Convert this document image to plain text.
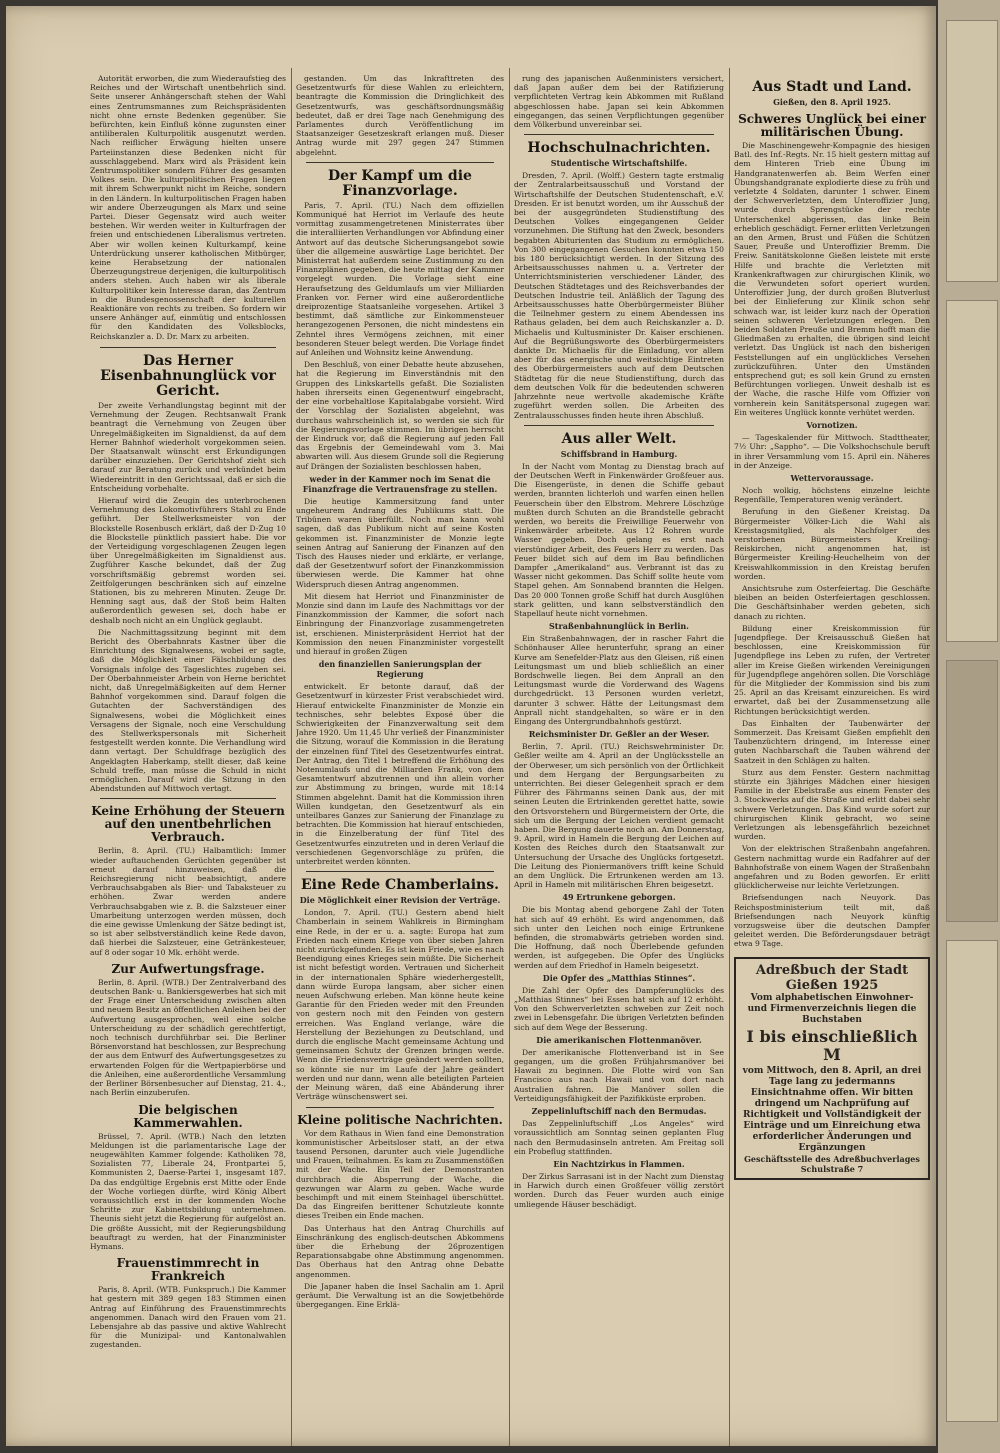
Autorität erworben, die zum Wiederaufstieg des Reiches und der Wirtschaft unentbehrlich sind. Seite unserer Anhängerschaft stehen der Wahl eines Zentrumsmannes zum Reichspräsidenten nicht ohne ernste Bedenken gegenüber. Sie befürchten, kein Einfluß könne zugunsten einer antiliberalen Kulturpolitik ausgenutzt werden. Nach reiflicher Erwägung hielten unsere Parteiinstanzen diese Bedenken nicht für ausschlaggebend. Marx wird als Präsident kein Zentrumspolitiker sondern Führer des gesamten Volkes sein. Die kulturpolitischen Fragen liegen mit ihrem Schwerpunkt nicht im Reiche, sondern in den Ländern. In kulturpolitischen Fragen haben wir andere Überzeugungen als Marx und seine Partei. Dieser Gegensatz wird auch weiter bestehen. Wir werden weiter in Kulturfragen der freien und entschiedenen Liberalismus vertreten. Aber wir wollen keinen Kulturkampf, keine Unterdrückung unserer katholischen Mitbürger, keine Herabsetzung der nationalen Überzeugungstreue derjenigen, die kulturpolitisch anders stehen. Auch haben wir als liberale Kulturpolitiker kein Interesse daran, das Zentrum in die Bundesgenossenschaft der kulturellen Reaktionäre von rechts zu treiben. So fordern wir unsere Anhänger auf, einmütig und entschlossen für den Kandidaten des Volksblocks, Reichskanzler a. D. Dr. Marx zu arbeiten.

Das Herner Eisenbahnunglück vor Gericht.

Der zweite Verhandlungstag beginnt mit der Vernehmung der Zeugen. Rechtsanwalt Frank beantragt die Vernehmung von Zeugen über Unregelmäßigkeiten im Signaldienst, da auf dem Herner Bahnhof wiederholt vorgekommen seien. Der Staatsanwalt wünscht erst Erkundigungen darüber einzuziehen. Der Gerichtshof zieht sich darauf zur Beratung zurück und verkündet beim Wiedereintritt in den Gerichtssaal, daß er sich die Entscheidung vorbehalte.

Hierauf wird die Zeugin des unterbrochenen Vernehmung des Lokomotivführers Stahl zu Ende geführt. Der Stellwerksmeister von der Blockstelle Rosenbusch erklärt, daß der D-Zug 10 die Blockstelle pünktlich passiert habe. Die vor der Verteidigung vorgeschlagenen Zeugen legen über Unregelmäßigkeiten im Signaldienst aus. Zugführer Kasche bekundet, daß der Zug vorschriftsmäßig gebremst worden sei. Zeitfolgerungen beschränken sich auf einzelne Stationen, bis zu mehreren Minuten. Zeuge Dr. Henning sagt aus, daß der Stoß beim Halten außerordentlich gewesen sei, doch habe er deshalb noch nicht an ein Unglück geglaubt.

Die Nachmittagssitzung beginnt mit dem Bericht des Oberbahnrats Kastner über die Einrichtung des Signalwesens, wobei er sagte, daß die Möglichkeit einer Fälschbildung des Vorsignals infolge des Tageslichtes zugeben sei. Der Oberbahnmeister Arbein von Herne berichtet nicht, daß Unregelmäßigkeiten auf dem Herner Bahnhof vorgekommen sind. Darauf folgen die Gutachten der Sachverständigen des Signalwesens, wobei die Möglichkeit eines Versagens der Signale, noch eine Verschuldung des Stellwerkspersonals mit Sicherheit festgestellt werden konnte. Die Verhandlung wird dann vertagt. Der Schuldfrage bezüglich des Angeklagten Haberkamp, stellt dieser, daß keine Schuld treffe, man müsse die Schuld in nicht ermöglichen. Darauf wird die Sitzung in den Abendstunden auf Mittwoch vertagt.

Keine Erhöhung der Steuern auf den unentbehrlichen Verbrauch.

Berlin, 8. April. (TU.) Halbamtlich: Immer wieder auftauchenden Gerüchten gegenüber ist erneut darauf hinzuweisen, daß die Reichsregierung nicht beabsichtigt, andere Verbrauchsabgaben als Bier- und Tabaksteuer zu erhöhen. Zwar werden andere Verbrauchsabgaben wie z. B. die Salzsteuer einer Umarbeitung unterzogen werden müssen, doch die eine gewisse Umlenkung der Sätze bedingt ist, so ist aber selbstverständlich keine Rede davon, daß hierbei die Salzsteuer, eine Getränkesteuer, auf 8 oder sogar 10 Mk. erhöht werde.

Zur Aufwertungsfrage.

Berlin, 8. April. (WTB.) Der Zentralverband des deutschen Bank- u. Bankiersgewerbes hat sich mit der Frage einer Unterscheidung zwischen alten und neuem Besitz an öffentlichen Anleihen bei der Aufwertung ausgesprochen, weil eine solche Unterscheidung zu der schädlich gerechtfertigt, noch technisch durchführbar sei. Die Berliner Börsenvorstand hat beschlossen, zur Besprechung der aus dem Entwurf des Aufwertungsgesetzes zu erwartenden Folgen für die Wertpapierbörse und die Anleihen, eine außerordentliche Versammlung der Berliner Börsenbesucher auf Dienstag, 21. 4., nach Berlin einzuberufen.

Die belgischen Kammerwahlen.

Brüssel, 7. April. (WTB.) Nach den letzten Meldungen ist die parlamentarische Lage der neugewählten Kammer folgende: Katholiken 78, Sozialisten 77, Liberale 24, Frontpartei 5, Kommunisten 2, Daerse-Partei 1, insgesamt 187. Da das endgültige Ergebnis erst Mitte oder Ende der Woche vorliegen dürfte, wird König Albert voraussichtlich erst in der kommenden Woche Schritte zur Kabinettsbildung unternehmen. Theunis sieht jetzt die Regierung für aufgelöst an. Die größte Aussicht, mit der Regierungsbildung beauftragt zu werden, hat der Finanzminister Hymans.

Frauenstimmrecht in Frankreich

Paris, 8. April. (WTB. Funkspruch.) Die Kammer hat gestern mit 389 gegen 183 Stimmen einen Antrag auf Einführung des Frauenstimmrechts angenommen. Danach wird den Frauen vom 21. Lebensjahre ab das passive und aktive Wahlrecht für die Munizipal- und Kantonalwahlen zugestanden.

gestanden. Um das Inkrafttreten des Gesetzentwurfs für diese Wahlen zu erleichtern, beantragte die Kommission die Dringlichkeit des Gesetzentwurfs, was geschäftsordnungsmäßig bedeutet, daß er drei Tage nach Genehmigung des Parlamentes durch Veröffentlichung im Staatsanzeiger Gesetzeskraft erlangen muß. Dieser Antrag wurde mit 297 gegen 247 Stimmen abgelehnt.

Der Kampf um die Finanzvorlage.

Paris, 7. April. (TU.) Nach dem offiziellen Kommuniqué hat Herriot im Verlaufe des heute vormittag zusammengetretenen Ministerrates über die interalliierten Verhandlungen vor Abfindung einer Antwort auf das deutsche Sicherungsangebot sowie über die allgemeine auswärtige Lage berichtet. Der Ministerrat hat außerdem seine Zustimmung zu den Finanzplänen gegeben, die heute mittag der Kammer vorgelegt wurden. Die Vorlage sieht eine Heraufsetzung des Geldumlaufs um vier Milliarden Franken vor. Ferner wird eine außerordentliche dreiprozentige Staatsanleihe vorgesehen. Artikel 3 bestimmt, daß sämtliche zur Einkommensteuer herangezogenen Personen, die nicht mindestens ein Zehntel ihres Vermögens zeichnen, mit einer besonderen Steuer belegt werden. Die Vorlage findet auf Anleihen und Wohnsitz keine Anwendung.

Den Beschluß, von einer Debatte heute abzusehen, hat die Regierung im Einverständnis mit den Gruppen des Linkskartells gefaßt. Die Sozialisten haben ihrerseits einen Gegenentwurf eingebracht, der eine vorbehaltlose Kapitalabgabe vorsieht. Wird der Vorschlag der Sozialisten abgelehnt, was durchaus wahrscheinlich ist, so werden sie sich für die Regierungsvorlage stimmen. Im übrigen herrscht der Eindruck vor, daß die Regierung auf jeden Fall das Ergebnis der Gemeindewahl vom 3. Mai abwarten will. Aus diesem Grunde soll die Regierung auf Drängen der Sozialisten beschlossen haben,

weder in der Kammer noch im Senat die Finanzfrage die Vertrauensfrage zu stellen.

Die heutige Kammersitzung fand unter ungeheurem Andrang des Publikums statt. Die Tribünen waren überfüllt. Noch man kann wohl sagen, daß das Publikum nicht auf seine Kosten gekommen ist. Finanzminister de Monzie legte seinen Antrag auf Sanierung der Finanzen auf den Tisch des Hauses nieder und erklärte, er verlange, daß der Gesetzentwurf sofort der Finanzkommission überwiesen werde. Die Kammer hat ohne Widerspruch diesen Antrag angenommen.

Mit diesem hat Herriot und Finanzminister de Monzie sind dann im Laufe des Nachmittags vor der Finanzkommission der Kammer, die sofort nach Einbringung der Finanzvorlage zusammengetreten ist, erschienen. Ministerpräsident Herriot hat der Kommission den neuen Finanzminister vorgestellt und hierauf in großen Zügen

den finanziellen Sanierungsplan der Regierung

entwickelt. Er betonte darauf, daß der Gesetzentwurf in kürzester Frist verabschiedet wird. Hierauf entwickelte Finanzminister de Monzie ein technisches, sehr belebtes Exposé über die Schwierigkeiten der Finanzverwaltung seit dem Jahre 1920. Um 11,45 Uhr verließ der Finanzminister die Sitzung, worauf die Kommission in die Beratung der einzelnen fünf Titel des Gesetzentwurfes eintrat. Der Antrag, den Titel 1 betreffend die Erhöhung des Notenumlaufs und die Milliarden Frank, von dem Gesamtentwurf abzutrennen und ihn allein vorher zur Abstimmung zu bringen, wurde mit 18:14 Stimmen abgelehnt. Damit hat die Kommission ihren Willen kundgetan, den Gesetzentwurf als ein unteilbares Ganzes zur Sanierung der Finanzlage zu betrachten. Die Kommission hat hierauf entschieden, in die Einzelberatung der fünf Titel des Gesetzentwurfes einzutreten und in deren Verlauf die verschiedenen Gegenvorschläge zu prüfen, die unterbreitet werden könnten.

Eine Rede Chamberlains.
Die Möglichkeit einer Revision der Verträge.

London, 7. April. (TU.) Gestern abend hielt Chamberlain in seinem Wahlkreis in Birmingham eine Rede, in der er u. a. sagte: Europa hat zum Frieden nach einem Kriege von über sieben Jahren nicht zurückgefunden. Es ist kein Friede, wie es nach Beendigung eines Krieges sein müßte. Die Sicherheit ist nicht befestigt worden. Vertrauen und Sicherheit in der internationalen Sphäre wiederhergestellt, dann würde Europa langsam, aber sicher einen neuen Aufschwung erleben. Man könne heute keine Garantie für den Frieden weder mit den Freunden von gestern noch mit den Feinden von gestern erreichen. Was England verlange, wäre die Herstellung der Beziehungen zu Deutschland, und durch die englische Macht gemeinsame Achtung und gemeinsamen Schutz der Grenzen bringen werde. Wenn die Friedensverträge geändert werden sollten, so könnte sie nur im Laufe der Jahre geändert werden und nur dann, wenn alle beteiligten Parteien der Meinung wären, daß eine Abänderung ihrer Verträge wünschenswert sei.

Kleine politische Nachrichten.

Vor dem Rathaus in Wien fand eine Demonstration kommunistischer Arbeitsloser statt, an der etwa tausend Personen, darunter auch viele Jugendliche und Frauen, teilnahmen. Es kam zu Zusammenstößen mit der Wache. Ein Teil der Demonstranten durchbrach die Absperrung der Wache, die gezwungen war Alarm zu geben. Wache wurde beschimpft und mit einem Steinhagel überschüttet. Da das Eingreifen berittener Schutzleute konnte dieses Treiben ein Ende machen.

Das Unterhaus hat den Antrag Churchills auf Einschränkung des englisch-deutschen Abkommens über die Erhebung der 26prozentigen Reparationsabgabe ohne Abstimmung angenommen. Das Oberhaus hat den Antrag ohne Debatte angenommen.

Die Japaner haben die Insel Sachalin am 1. April geräumt. Die Verwaltung ist an die Sowjetbehörde übergegangen. Eine Erklä-

rung des japanischen Außenministers versichert, daß Japan außer dem bei der Ratifizierung verpflichteten Vertrag kein Abkommen mit Rußland abgeschlossen habe. Japan sei kein Abkommen eingegangen, das seinen Verpflichtungen gegenüber dem Völkerbund unvereinbar sei.

Hochschulnachrichten.
Studentische Wirtschaftshilfe.

Dresden, 7. April. (Wolff.) Gestern tagte erstmalig der Zentralarbeitsausschuß und Vorstand der Wirtschaftshilfe der Deutschen Studentenschaft, e.V. Dresden. Er ist benutzt worden, um ihr Ausschuß der bei der ausgegründeten Studienstiftung des Deutschen Volkes eingegangenen Gelder vorzunehmen. Die Stiftung hat den Zweck, besonders begabten Abiturienten das Studium zu ermöglichen. Von 300 eingegangenen Gesuchen konnten etwa 150 bis 180 berücksichtigt werden. In der Sitzung des Arbeitsausschusses nahmen u. a. Vertreter der Unterrichtsministerien verschiedener Länder, des Deutschen Städtetages und des Reichsverbandes der Deutschen Industrie teil. Anläßlich der Tagung des Arbeitsausschusses hatte Oberbürgermeister Blüher die Teilnehmer gestern zu einem Abendessen ins Rathaus geladen, bei dem auch Reichskanzler a. D. Michaelis und Kultusminister Dr. Kaiser erschienen. Auf die Begrüßungsworte des Oberbürgermeisters dankte Dr. Michaelis für die Einladung, vor allem aber für das energische und weitsichtige Eintreten des Oberbürgermeisters auch auf dem Deutschen Städtetag für die neue Studienstiftung, durch das dem deutschen Volk für die bedeutenden schweren Jahrzehnte neue wertvolle akademische Kräfte zugeführt werden sollen. Die Arbeiten des Zentralausschusses finden heute ihren Abschluß.

Aus aller Welt.
Schiffsbrand in Hamburg.

In der Nacht vom Montag zu Dienstag brach auf der Deutschen Werft in Finkenwärder Großfeuer aus. Die Eisengerüste, in denen die Schiffe gebaut werden, brannten lichterloh und warfen einen hellen Feuerschein über den Elbstrom. Mehrere Löschzüge mußten durch Schuten an die Brandstelle gebracht werden, wo bereits die Freiwillige Feuerwehr von Finkenwärder arbeitete. Aus 12 Rohren wurde Wasser gegeben. Doch gelang es erst nach vierstündiger Arbeit, des Feuers Herr zu werden. Das Feuer bildet sich auf dem im Bau befindlichen Dampfer „Amerikaland“ aus. Verbrannt ist das zu Wasser nicht gekommen. Das Schiff sollte heute vom Stapel gehen. Am Sonnabend brannten die Helgen. Das 20 000 Tonnen große Schiff hat durch Ausglühen stark gelitten, und kann selbstverständlich den Stapellauf heute nicht vornehmen.

Straßenbahnunglück in Berlin.

Ein Straßenbahnwagen, der in rascher Fahrt die Schönhauser Allee herunterfuhr, sprang an einer Kurve am Senefelder-Platz aus den Gleisen, riß einen Leitungsmast um und blieb schließlich an einer Bordschwelle liegen. Bei dem Anprall an den Leitungsmast wurde die Vorderwand des Wagens durchgedrückt. 13 Personen wurden verletzt, darunter 3 schwer. Hätte der Leitungsmast dem Anprall nicht standgehalten, so wäre er in den Eingang des Untergrundbahnhofs gestürzt.

Reichsminister Dr. Geßler an der Weser.

Berlin, 7. April. (TU.) Reichswehrminister Dr. Geßler weilte am 4. April an der Unglücksstelle an der Oberweser, um sich persönlich von der Örtlichkeit und dem Hergang der Bergungsarbeiten zu unterrichten. Bei dieser Gelegenheit sprach er dem Führer des Fährmanns seinen Dank aus, der mit seinen Leuten die Ertrinkenden gerettet hatte, sowie den Ortsvorstehern und Bürgermeistern der Orte, die sich um die Bergung der Leichen verdient gemacht haben. Die Bergung dauerte noch an. Am Donnerstag, 9. April, wird in Hameln die Bergung der Leichen auf Kosten des Reiches durch den Staatsanwalt zur Untersuchung der Ursache des Unglücks fortgesetzt. Die Leitung des Pioniermanövers trifft keine Schuld an dem Unglück. Die Ertrunkenen werden am 13. April in Hameln mit militärischen Ehren beigesetzt.

49 Ertrunkene geborgen.

Die bis Montag abend geborgene Zahl der Toten hat sich auf 49 erhöht. Es wird angenommen, daß sich unter den Leichen noch einige Ertrunkene befinden, die stromabwärts getrieben worden sind. Die Hoffnung, daß noch Überlebende gefunden werden, ist aufgegeben. Die Opfer des Unglücks werden auf dem Friedhof in Hameln beigesetzt.

Die Opfer des „Matthias Stinnes“.

Die Zahl der Opfer des Dampferunglücks des „Matthias Stinnes“ bei Essen hat sich auf 12 erhöht. Von den Schwerverletzten schweben zur Zeit noch zwei in Lebensgefahr. Die übrigen Verletzten befinden sich auf dem Wege der Besserung.

Die amerikanischen Flottenmanöver.

Der amerikanische Flottenverband ist in See gegangen, um die großen Frühjahrsmanöver bei Hawaii zu beginnen. Die Flotte wird von San Francisco aus nach Hawaii und von dort nach Australien fahren. Die Manöver sollen die Verteidigungsfähigkeit der Pazifikküste erproben.

Zeppelinluftschiff nach den Bermudas.

Das Zeppelinluftschiff „Los Angeles“ wird voraussichtlich am Sonntag seinen geplanten Flug nach den Bermudasinseln antreten. Am Freitag soll ein Probeflug stattfinden.

Ein Nachtzirkus in Flammen.

Der Zirkus Sarrasani ist in der Nacht zum Dienstag in Harwich durch einen Großfeuer völlig zerstört worden. Durch das Feuer wurden auch einige umliegende Häuser beschädigt.

Aus Stadt und Land.
Gießen, den 8. April 1925.
Schweres Unglück bei einer militärischen Übung.

Die Maschinengewehr-Kompagnie des hiesigen Batl. des Inf.-Regts. Nr. 15 hielt gestern mittag auf dem Hinteren Trieb eine Übung im Handgranatenwerfen ab. Beim Werfen einer Übungshandgranate explodierte diese zu früh und verletzte 4 Soldaten, darunter 1 schwer. Einem der Schwerverletzten, dem Unteroffizier Jung, wurde durch Sprengstücke der rechte Unterschenkel abgerissen, das linke Bein erheblich geschädigt. Ferner erlitten Verletzungen an den Armen, Brust und Füßen die Schützen Sauer, Preuße und Unteroffizier Bremm. Die Freiw. Sanitätskolonne Gießen leistete mit erste Hilfe und brachte die Verletzten mit Krankenkraftwagen zur chirurgischen Klinik, wo die Verwundeten sofort operiert wurden. Unteroffizier Jung, der durch großen Blutverlust bei der Einlieferung zur Klinik schon sehr schwach war, ist leider kurz nach der Operation seinen schweren Verletzungen erlegen. Den beiden Soldaten Preuße und Bremm hofft man die Gliedmaßen zu erhalten, die übrigen sind leicht verletzt. Das Unglück ist nach den bisherigen Feststellungen auf ein unglückliches Versehen zurückzuführen. Unter den Umständen entsprechend gut; es soll kein Grund zu ernsten Befürchtungen vorliegen. Unweit deshalb ist es der Wache, die rasche Hilfe vom Offizier von vornherein kein Sanitätspersonal zugegen war. Ein weiteres Unglück konnte verhütet werden.

Vornotizen.

— Tageskalender für Mittwoch. Stadttheater, 7½ Uhr: „Sappho“. — Die Volkshochschule beruft in ihrer Versammlung vom 15. April ein. Näheres in der Anzeige.

Wettervoraussage.

Noch wolkig, höchstens einzelne leichte Regenfälle, Temperaturen wenig verändert.

Berufung in den Gießener Kreistag. Da Bürgermeister Völker-Lich die Wahl als Kreistagsmitglied, als Nachfolger des verstorbenen Bürgermeisters Kreiling-Reiskirchen, nicht angenommen hat, ist Bürgermeister Kreiling-Heuchelheim von der Kreiswahlkommission in den Kreistag berufen worden.

Ansichtsruhe zum Osterfeiertag. Die Geschäfte bleiben an beiden Osterfeiertagen geschlossen. Die Geschäftsinhaber werden gebeten, sich danach zu richten.

Bildung einer Kreiskommission für Jugendpflege. Der Kreisausschuß Gießen hat beschlossen, eine Kreiskommission für Jugendpflege ins Leben zu rufen, der Vertreter aller im Kreise Gießen wirkenden Vereinigungen für Jugendpflege angehören sollen. Die Vorschläge für die Mitglieder der Kommission sind bis zum 25. April an das Kreisamt einzureichen. Es wird erwartet, daß bei der Zusammensetzung alle Richtungen berücksichtigt werden.

Das Einhalten der Taubenwärter der Sommerzeit. Das Kreisamt Gießen empfiehlt den Taubenzüchtern dringend, im Interesse einer guten Nachbarschaft die Tauben während der Saatzeit in den Schlägen zu halten.

Sturz aus dem Fenster. Gestern nachmittag stürzte ein 3jähriges Mädchen einer hiesigen Familie in der Ebelstraße aus einem Fenster des 3. Stockwerks auf die Straße und erlitt dabei sehr schwere Verletzungen. Das Kind wurde sofort zur chirurgischen Klinik gebracht, wo seine Verletzungen als lebensgefährlich bezeichnet wurden.

Von der elektrischen Straßenbahn angefahren. Gestern nachmittag wurde ein Radfahrer auf der Bahnhofstraße von einem Wagen der Straßenbahn angefahren und zu Boden geworfen. Er erlitt glücklicherweise nur leichte Verletzungen.

Briefsendungen nach Neuyork. Das Reichspostministerium teilt mit, daß Briefsendungen nach Neuyork künftig vorzugsweise über die deutschen Dampfer geleitet werden. Die Beförderungsdauer beträgt etwa 9 Tage.

Adreßbuch der Stadt Gießen 1925
Vom alphabetischen Einwohner- und Firmenverzeichnis liegen die Buchstaben
I bis einschließlich M
vom Mittwoch, den 8. April, an drei Tage lang zu jedermanns Einsichtnahme offen. Wir bitten dringend um Nachprüfung auf Richtigkeit und Vollständigkeit der Einträge und um Einreichung etwa erforderlicher Änderungen und Ergänzungen
Geschäftsstelle des Adreßbuchverlages Schulstraße 7
